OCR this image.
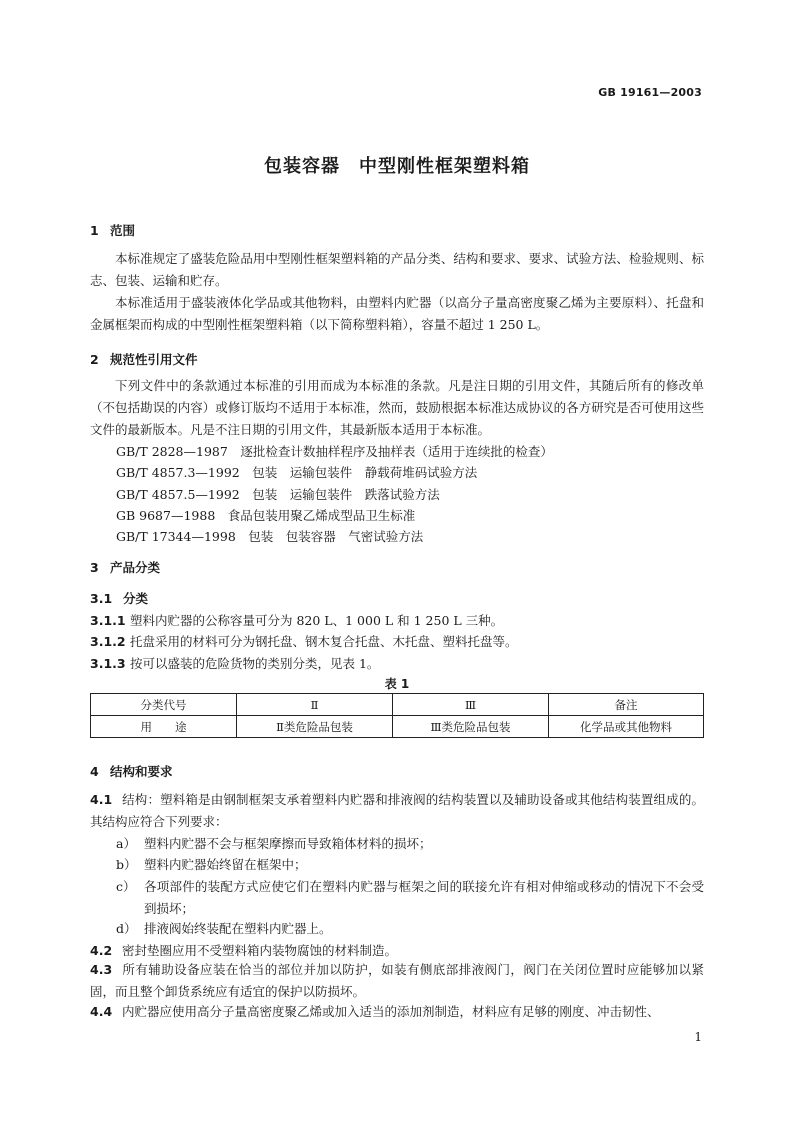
GB 19161—2003
包装容器　中型刚性框架塑料箱
1 范围
本标准规定了盛装危险品用中型刚性框架塑料箱的产品分类、结构和要求、要求、试验方法、检验规则、标志、包装、运输和贮存。
本标准适用于盛装液体化学品或其他物料，由塑料内贮器（以高分子量高密度聚乙烯为主要原料）、托盘和金属框架而构成的中型刚性框架塑料箱（以下简称塑料箱），容量不超过 1 250 L。
2 规范性引用文件
下列文件中的条款通过本标准的引用而成为本标准的条款。凡是注日期的引用文件，其随后所有的修改单（不包括勘误的内容）或修订版均不适用于本标准，然而，鼓励根据本标准达成协议的各方研究是否可使用这些文件的最新版本。凡是不注日期的引用文件，其最新版本适用于本标准。
GB/T 2828—1987　逐批检查计数抽样程序及抽样表（适用于连续批的检查）
GB/T 4857.3—1992　包装　运输包装件　静载荷堆码试验方法
GB/T 4857.5—1992　包装　运输包装件　跌落试验方法
GB 9687—1988　食品包装用聚乙烯成型品卫生标准
GB/T 17344—1998　包装　包装容器　气密试验方法
3 产品分类
3.1 分类
3.1.1 塑料内贮器的公称容量可分为 820 L、1 000 L 和 1 250 L 三种。
3.1.2 托盘采用的材料可分为钢托盘、钢木复合托盘、木托盘、塑料托盘等。
3.1.3 按可以盛装的危险货物的类别分类，见表 1。
表 1
分类代号	Ⅱ	Ⅲ	备注
用　　途	Ⅱ类危险品包装	Ⅲ类危险品包装	化学品或其他物料
4 结构和要求
4.1 结构：塑料箱是由钢制框架支承着塑料内贮器和排液阀的结构装置以及辅助设备或其他结构装置组成的。其结构应符合下列要求：
a） 塑料内贮器不会与框架摩擦而导致箱体材料的损坏；
b） 塑料内贮器始终留在框架中；
c） 各项部件的装配方式应使它们在塑料内贮器与框架之间的联接允许有相对伸缩或移动的情况下不会受到损坏；
d） 排液阀始终装配在塑料内贮器上。
4.2 密封垫圈应用不受塑料箱内装物腐蚀的材料制造。
4.3 所有辅助设备应装在恰当的部位并加以防护，如装有侧底部排液阀门，阀门在关闭位置时应能够加以紧固，而且整个卸货系统应有适宜的保护以防损坏。
4.4 内贮器应使用高分子量高密度聚乙烯或加入适当的添加剂制造，材料应有足够的刚度、冲击韧性、
1
